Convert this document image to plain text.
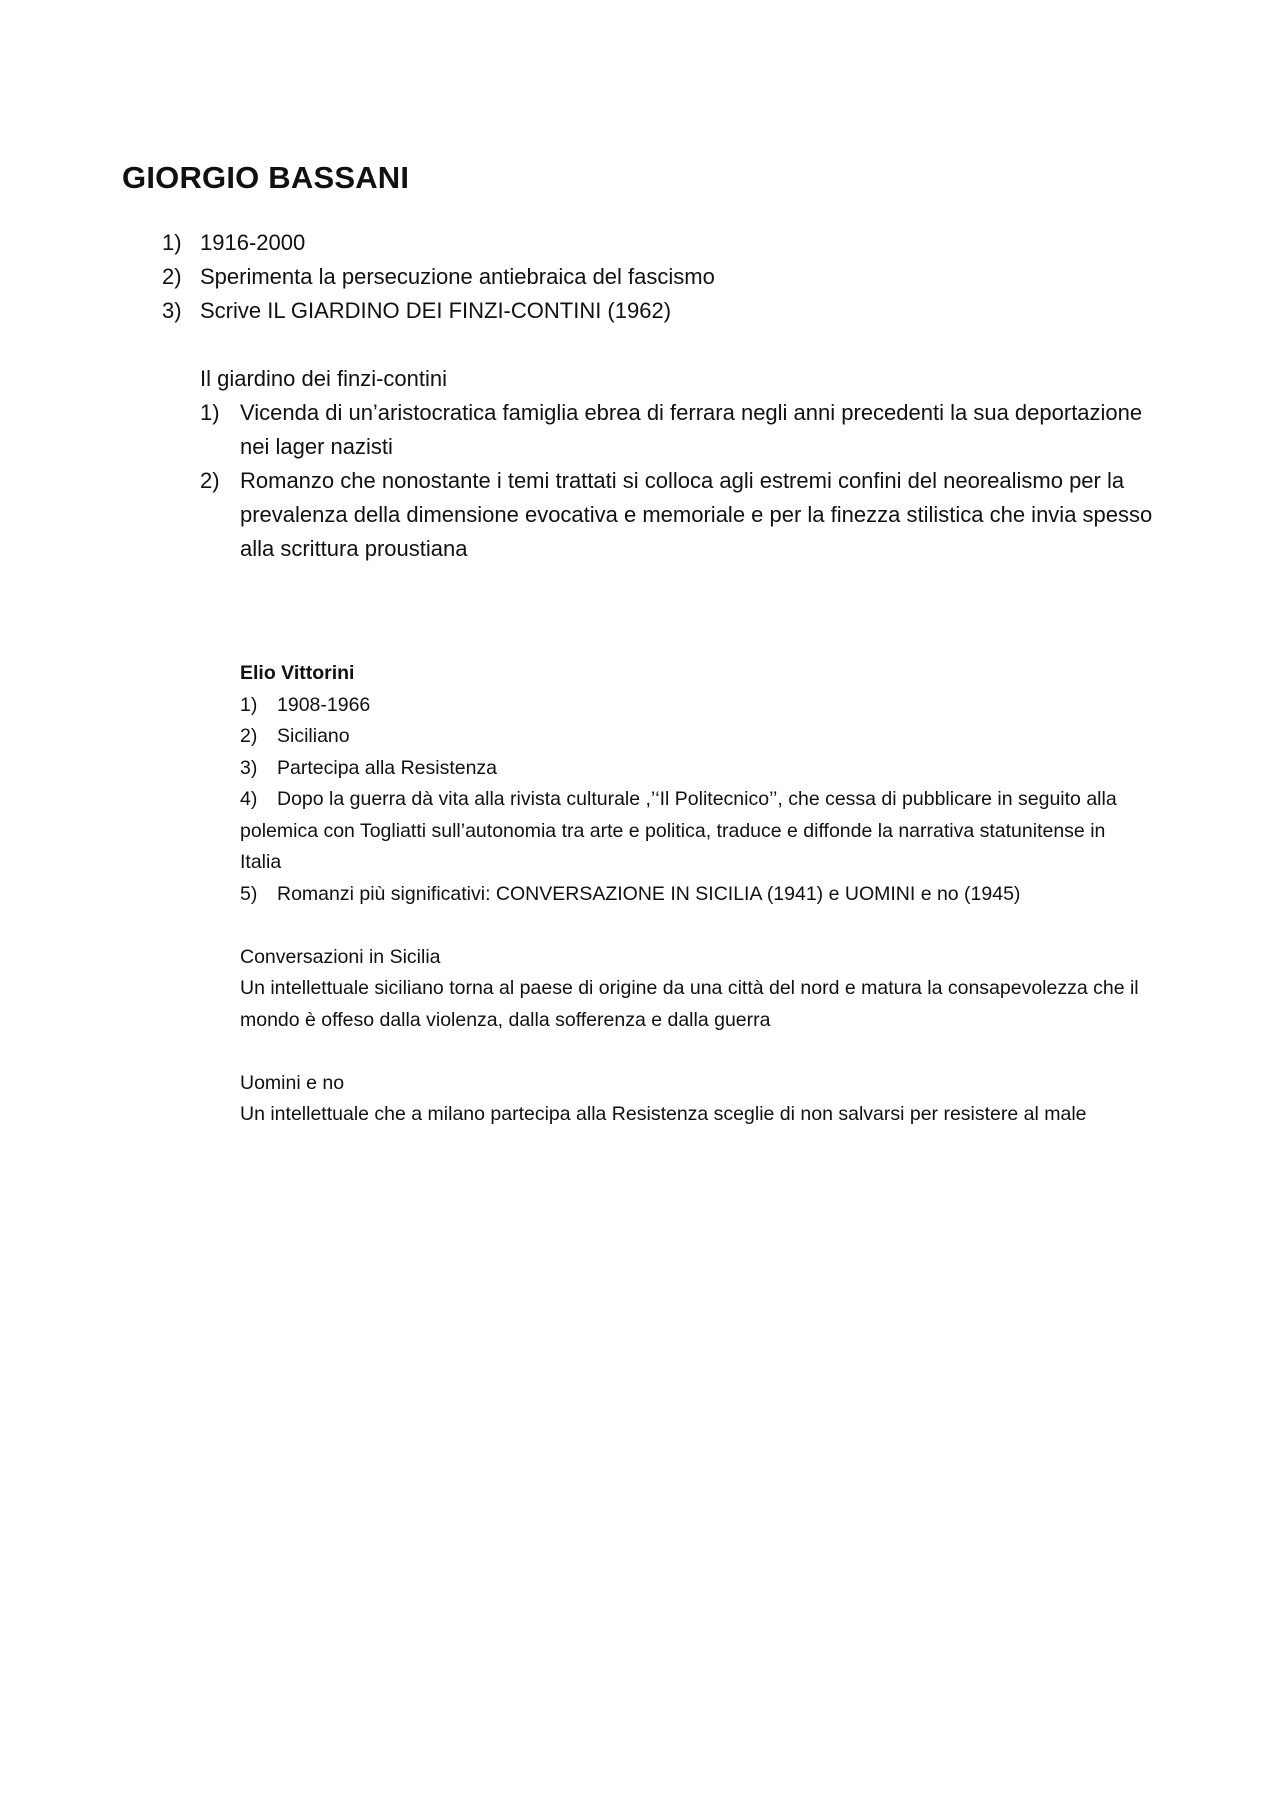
GIORGIO BASSANI
1) 1916-2000
2) Sperimenta la persecuzione antiebraica del fascismo
3) Scrive IL GIARDINO DEI FINZI-CONTINI (1962)

Il giardino dei finzi-contini

1) Vicenda di un’aristocratica famiglia ebrea di ferrara negli anni precedenti la sua deportazione nei lager nazisti
2) Romanzo che nonostante i temi trattati si colloca agli estremi confini del neorealismo per la prevalenza della dimensione evocativa e memoriale e per la finezza stilistica che invia spesso alla scrittura proustiana

Elio Vittorini

1) 1908-1966
2) Siciliano
3) Partecipa alla Resistenza
4) Dopo la guerra dà vita alla rivista culturale ,’‘Il Politecnico’’, che cessa di pubblicare in seguito alla polemica con Togliatti sull’autonomia tra arte e politica, traduce e diffonde la narrativa statunitense in Italia
5) Romanzi più significativi: CONVERSAZIONE IN SICILIA (1941) e UOMINI e no (1945)

Conversazioni in Sicilia

Un intellettuale siciliano torna al paese di origine da una città del nord e matura la consapevolezza che il mondo è offeso dalla violenza, dalla sofferenza e dalla guerra

Uomini e no

Un intellettuale che a milano partecipa alla Resistenza sceglie di non salvarsi per resistere al male
